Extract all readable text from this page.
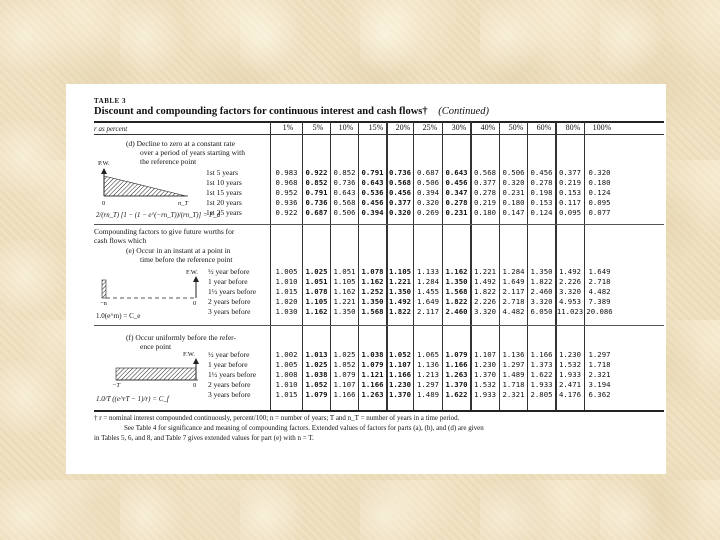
TABLE 3
Discount and compounding factors for continuous interest and cash flows† (Continued)
r as percent	1%	5%	10%	15%	20%	25%	30%	40%	50%	60%	80%	100%
(d) Decline to zero at a constant rate
over a period of years starting with
the reference point
P.W.
0	n_T
2/(rn_T) [1 − (1 − e^(−rn_T))/(rn_T)] = F_d
1st 5 years	0.983	0.922 0.852 0.791 0.736 0.687 0.643 0.568 0.506 0.456 0.377	0.320
1st 10 years	0.968	0.852 0.736 0.643 0.568 0.506 0.456 0.377 0.320 0.278 0.219	0.180
1st 15 years	0.952	0.791 0.643 0.536 0.456 0.394 0.347 0.278 0.231 0.198 0.153	0.124
1st 20 years	0.936	0.736 0.568 0.456 0.377 0.320 0.278 0.219 0.180 0.153 0.117	0.095
1st 25 years	0.922	0.687 0.506 0.394 0.320 0.269 0.231 0.180 0.147 0.124 0.095	0.077
Compounding factors to give future worths for
cash flows which
(e) Occur in an instant at a point in
time before the reference point
F.W.
−n	0
1.0(e^rn) = C_e
½ year before	1.005	1.025 1.051 1.078 1.105 1.133 1.162 1.221 1.284 1.350 1.492	1.649
1 year before	1.010	1.051 1.105 1.162 1.221 1.284 1.350 1.492 1.649 1.822 2.226	2.718
1½ years before	1.015	1.078 1.162 1.252 1.350 1.455 1.568 1.822 2.117 2.460 3.320	4.482
2 years before	1.020	1.105 1.221 1.350 1.492 1.649 1.822 2.226 2.718 3.320 4.953	7.389
3 years before	1.030	1.162 1.350 1.568 1.822 2.117 2.460 3.320 4.482 6.050 11.023 20.086
(f) Occur uniformly before the refer-
ence point
F.W.
−T	0
1.0/T ((e^rT − 1)/r) = C_f
½ year before	1.002	1.013 1.025 1.038 1.052 1.065 1.079 1.107 1.136 1.166 1.230	1.297
1 year before	1.005	1.025 1.052 1.079 1.107 1.136 1.166 1.230 1.297 1.373 1.532	1.718
1½ years before	1.008	1.038 1.079 1.121 1.166 1.213 1.263 1.370 1.489 1.622 1.933	2.321
2 years before	1.010	1.052 1.107 1.166 1.230 1.297 1.370 1.532 1.718 1.933 2.471	3.194
3 years before	1.015	1.079 1.166 1.263 1.370 1.489 1.622 1.933 2.321 2.805 4.176	6.362
† r = nominal interest compounded continuously, percent/100; n = number of years; T and n_T = number of years in a time period.
See Table 4 for significance and meaning of compounding factors. Extended values of factors for parts (a), (b), and (d) are given
in Tables 5, 6, and 8, and Table 7 gives extended values for part (e) with n = T.
